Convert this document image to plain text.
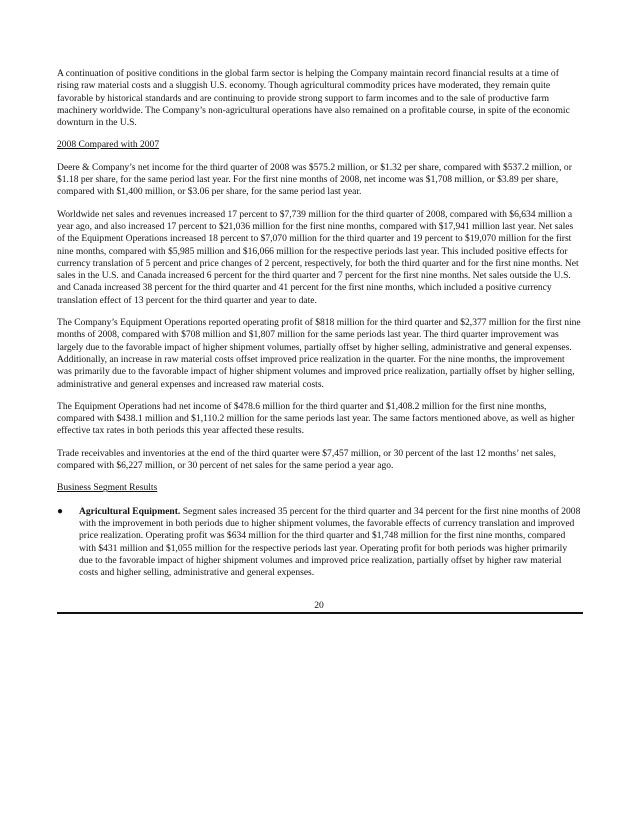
A continuation of positive conditions in the global farm sector is helping the Company maintain record financial results at a time of rising raw material costs and a sluggish U.S. economy. Though agricultural commodity prices have moderated, they remain quite favorable by historical standards and are continuing to provide strong support to farm incomes and to the sale of productive farm machinery worldwide. The Company’s non-agricultural operations have also remained on a profitable course, in spite of the economic downturn in the U.S.

2008 Compared with 2007

Deere & Company’s net income for the third quarter of 2008 was $575.2 million, or $1.32 per share, compared with $537.2 million, or $1.18 per share, for the same period last year. For the first nine months of 2008, net income was $1,708 million, or $3.89 per share, compared with $1,400 million, or $3.06 per share, for the same period last year.

Worldwide net sales and revenues increased 17 percent to $7,739 million for the third quarter of 2008, compared with $6,634 million a year ago, and also increased 17 percent to $21,036 million for the first nine months, compared with $17,941 million last year. Net sales of the Equipment Operations increased 18 percent to $7,070 million for the third quarter and 19 percent to $19,070 million for the first nine months, compared with $5,985 million and $16,066 million for the respective periods last year. This included positive effects for currency translation of 5 percent and price changes of 2 percent, respectively, for both the third quarter and for the first nine months. Net sales in the U.S. and Canada increased 6 percent for the third quarter and 7 percent for the first nine months. Net sales outside the U.S. and Canada increased 38 percent for the third quarter and 41 percent for the first nine months, which included a positive currency translation effect of 13 percent for the third quarter and year to date.

The Company’s Equipment Operations reported operating profit of $818 million for the third quarter and $2,377 million for the first nine months of 2008, compared with $708 million and $1,807 million for the same periods last year. The third quarter improvement was largely due to the favorable impact of higher shipment volumes, partially offset by higher selling, administrative and general expenses. Additionally, an increase in raw material costs offset improved price realization in the quarter. For the nine months, the improvement was primarily due to the favorable impact of higher shipment volumes and improved price realization, partially offset by higher selling, administrative and general expenses and increased raw material costs.

The Equipment Operations had net income of $478.6 million for the third quarter and $1,408.2 million for the first nine months, compared with $438.1 million and $1,110.2 million for the same periods last year. The same factors mentioned above, as well as higher effective tax rates in both periods this year affected these results.

Trade receivables and inventories at the end of the third quarter were $7,457 million, or 30 percent of the last 12 months’ net sales, compared with $6,227 million, or 30 percent of net sales for the same period a year ago.

Business Segment Results

●	Agricultural Equipment. Segment sales increased 35 percent for the third quarter and 34 percent for the first nine months of 2008 with the improvement in both periods due to higher shipment volumes, the favorable effects of currency translation and improved price realization. Operating profit was $634 million for the third quarter and $1,748 million for the first nine months, compared with $431 million and $1,055 million for the respective periods last year. Operating profit for both periods was higher primarily due to the favorable impact of higher shipment volumes and improved price realization, partially offset by higher raw material costs and higher selling, administrative and general expenses.

20
